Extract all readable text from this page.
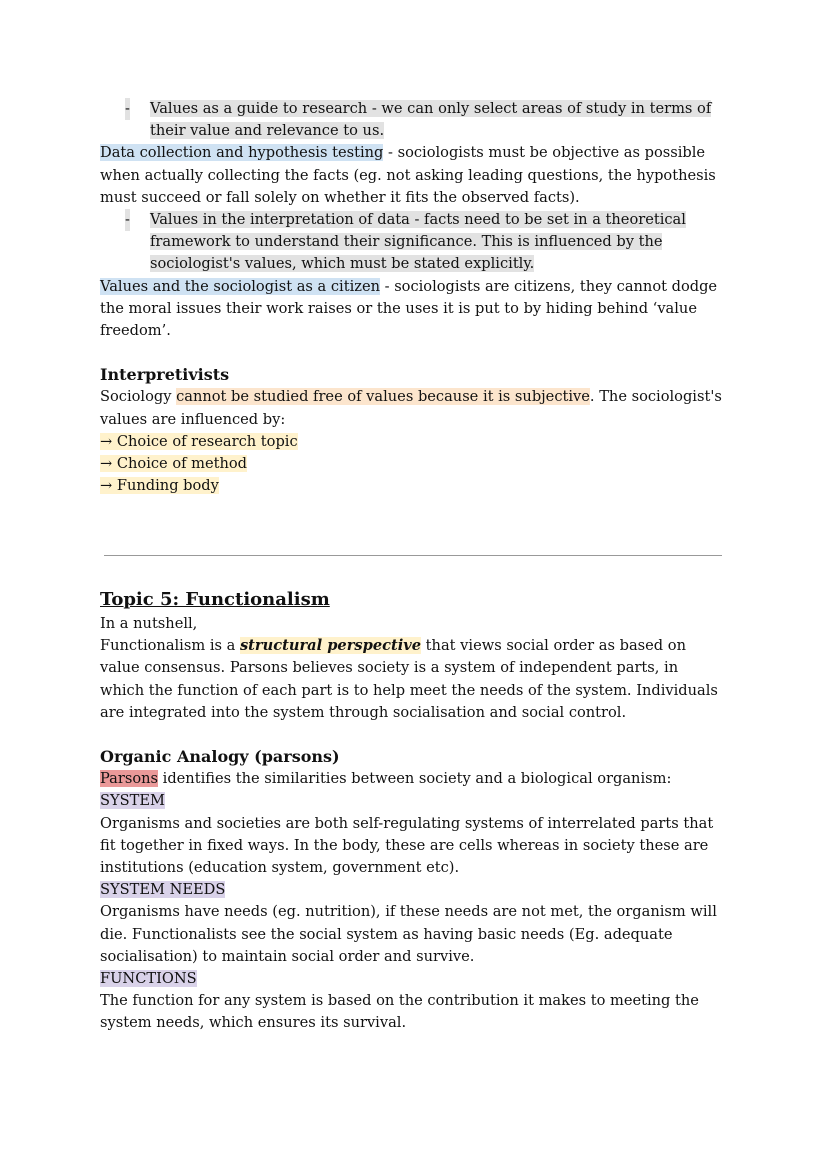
- Values as a guide to research - we can only select areas of study in terms of their value and relevance to us.

Data collection and hypothesis testing - sociologists must be objective as possible when actually collecting the facts (eg. not asking leading questions, the hypothesis must succeed or fall solely on whether it fits the observed facts).

- Values in the interpretation of data - facts need to be set in a theoretical framework to understand their significance. This is influenced by the sociologist's values, which must be stated explicitly.

Values and the sociologist as a citizen - sociologists are citizens, they cannot dodge the moral issues their work raises or the uses it is put to by hiding behind ‘value freedom’.

Interpretivists

Sociology cannot be studied free of values because it is subjective. The sociologist's values are influenced by:

→ Choice of research topic

→ Choice of method

→ Funding body

Topic 5: Functionalism

In a nutshell,

Functionalism is a structural perspective that views social order as based on value consensus. Parsons believes society is a system of independent parts, in which the function of each part is to help meet the needs of the system. Individuals are integrated into the system through socialisation and social control.

Organic Analogy (parsons)

Parsons identifies the similarities between society and a biological organism:

SYSTEM

Organisms and societies are both self-regulating systems of interrelated parts that fit together in fixed ways. In the body, these are cells whereas in society these are institutions (education system, government etc).

SYSTEM NEEDS

Organisms have needs (eg. nutrition), if these needs are not met, the organism will die. Functionalists see the social system as having basic needs (Eg. adequate socialisation) to maintain social order and survive.

FUNCTIONS

The function for any system is based on the contribution it makes to meeting the system needs, which ensures its survival.
